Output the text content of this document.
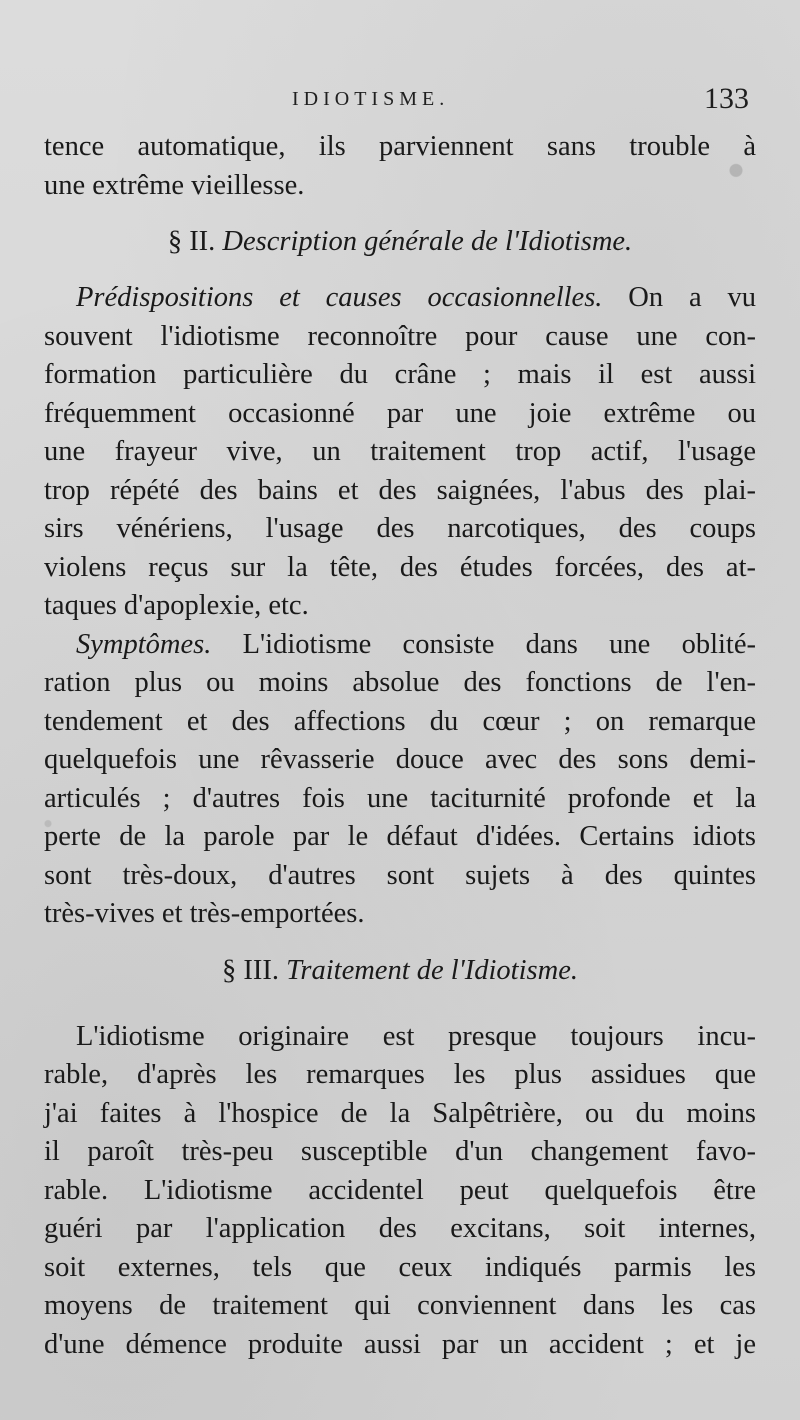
IDIOTISME.	133
tence automatique, ils parviennent sans trouble à
une extrême vieillesse.
§ II. Description générale de l'Idiotisme.
Prédispositions et causes occasionnelles. On a vu
souvent l'idiotisme reconnoître pour cause une con-
formation particulière du crâne ; mais il est aussi
fréquemment occasionné par une joie extrême ou
une frayeur vive, un traitement trop actif, l'usage
trop répété des bains et des saignées, l'abus des plai-
sirs vénériens, l'usage des narcotiques, des coups
violens reçus sur la tête, des études forcées, des at-
taques d'apoplexie, etc.
Symptômes. L'idiotisme consiste dans une oblité-
ration plus ou moins absolue des fonctions de l'en-
tendement et des affections du cœur ; on remarque
quelquefois une rêvasserie douce avec des sons demi-
articulés ; d'autres fois une taciturnité profonde et la
perte de la parole par le défaut d'idées. Certains idiots
sont très-doux, d'autres sont sujets à des quintes
très-vives et très-emportées.
§ III. Traitement de l'Idiotisme.
L'idiotisme originaire est presque toujours incu-
rable, d'après les remarques les plus assidues que
j'ai faites à l'hospice de la Salpêtrière, ou du moins
il paroît très-peu susceptible d'un changement favo-
rable. L'idiotisme accidentel peut quelquefois être
guéri par l'application des excitans, soit internes,
soit externes, tels que ceux indiqués parmis les
moyens de traitement qui conviennent dans les cas
d'une démence produite aussi par un accident ; et je
